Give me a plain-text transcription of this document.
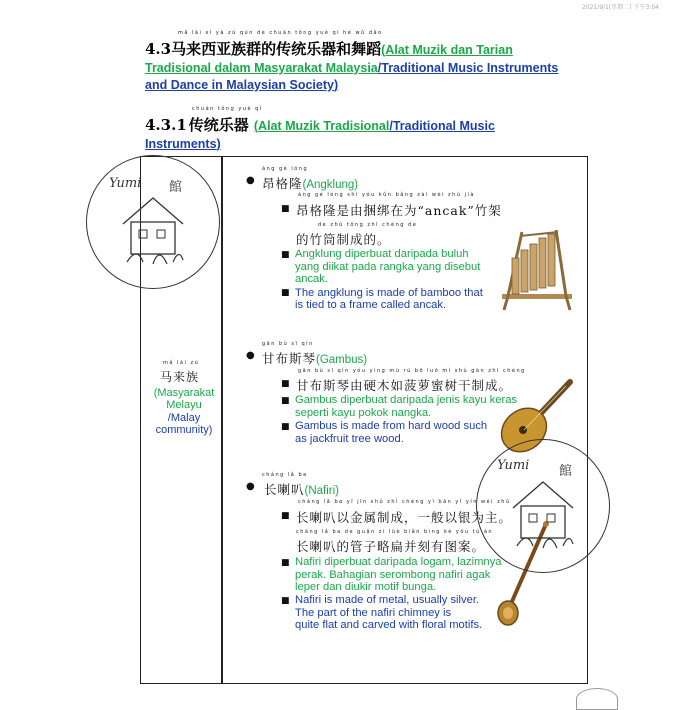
2021/9/1(星期二) 下午3:04
mǎ lái xī yà zú qún de chuán tǒng yuè qì hé wǔ dǎo
4.3马来西亚族群的传统乐器和舞蹈(Alat Muzik dan Tarian
Tradisional dalam Masyarakat Malaysia/Traditional Music Instruments
and Dance in Malaysian Society)
chuán tǒng yuè qì
4.3.1 传统乐器 (Alat Muzik Tradisional/Traditional Music
Instruments)
mǎ lái zú
马来族
(Masyarakat Melayu
/Malay community)
áng gé lóng
● 昂格隆(Angklung)
áng gé lóng shì yóu kǔn bǎng zài wèi zhú jià
■ 昂格隆是由捆绑在为“ancak”竹架
de zhú tǒng zhì chéng de
的竹筒制成的。
■ Angklung diperbuat daripada buluh
yang diikat pada rangka yang disebut
ancak.
■ The angklung is made of bamboo that
is tied to a frame called ancak.
gān bù sī qín
● 甘布斯琴(Gambus)
gān bù sī qín yóu yìng mù rú bō luó mì shù gàn zhì chéng
■ 甘布斯琴由硬木如菠萝蜜树干制成。
■ Gambus diperbuat daripada jenis kayu keras
seperti kayu pokok nangka.
■ Gambus is made from hard wood such
as jackfruit tree wood.
cháng lǎ ba
● 长喇叭(Nafiri)
cháng lǎ ba yǐ jīn shǔ zhì chéng yì bān yǐ yín wéi zhǔ
■ 长喇叭以金属制成，一般以银为主。
cháng lǎ ba de guǎn zi lüè biǎn bìng kè yǒu tú àn
长喇叭的管子略扁并刻有图案。
■ Nafiri diperbuat daripada logam, lazimnya
perak. Bahagian serombong nafiri agak
leper dan diukir motif bunga.
■ Nafiri is made of metal, usually silver.
The part of the nafiri chimney is
quite flat and carved with floral motifs.
Yumi 館
Yumi 館
